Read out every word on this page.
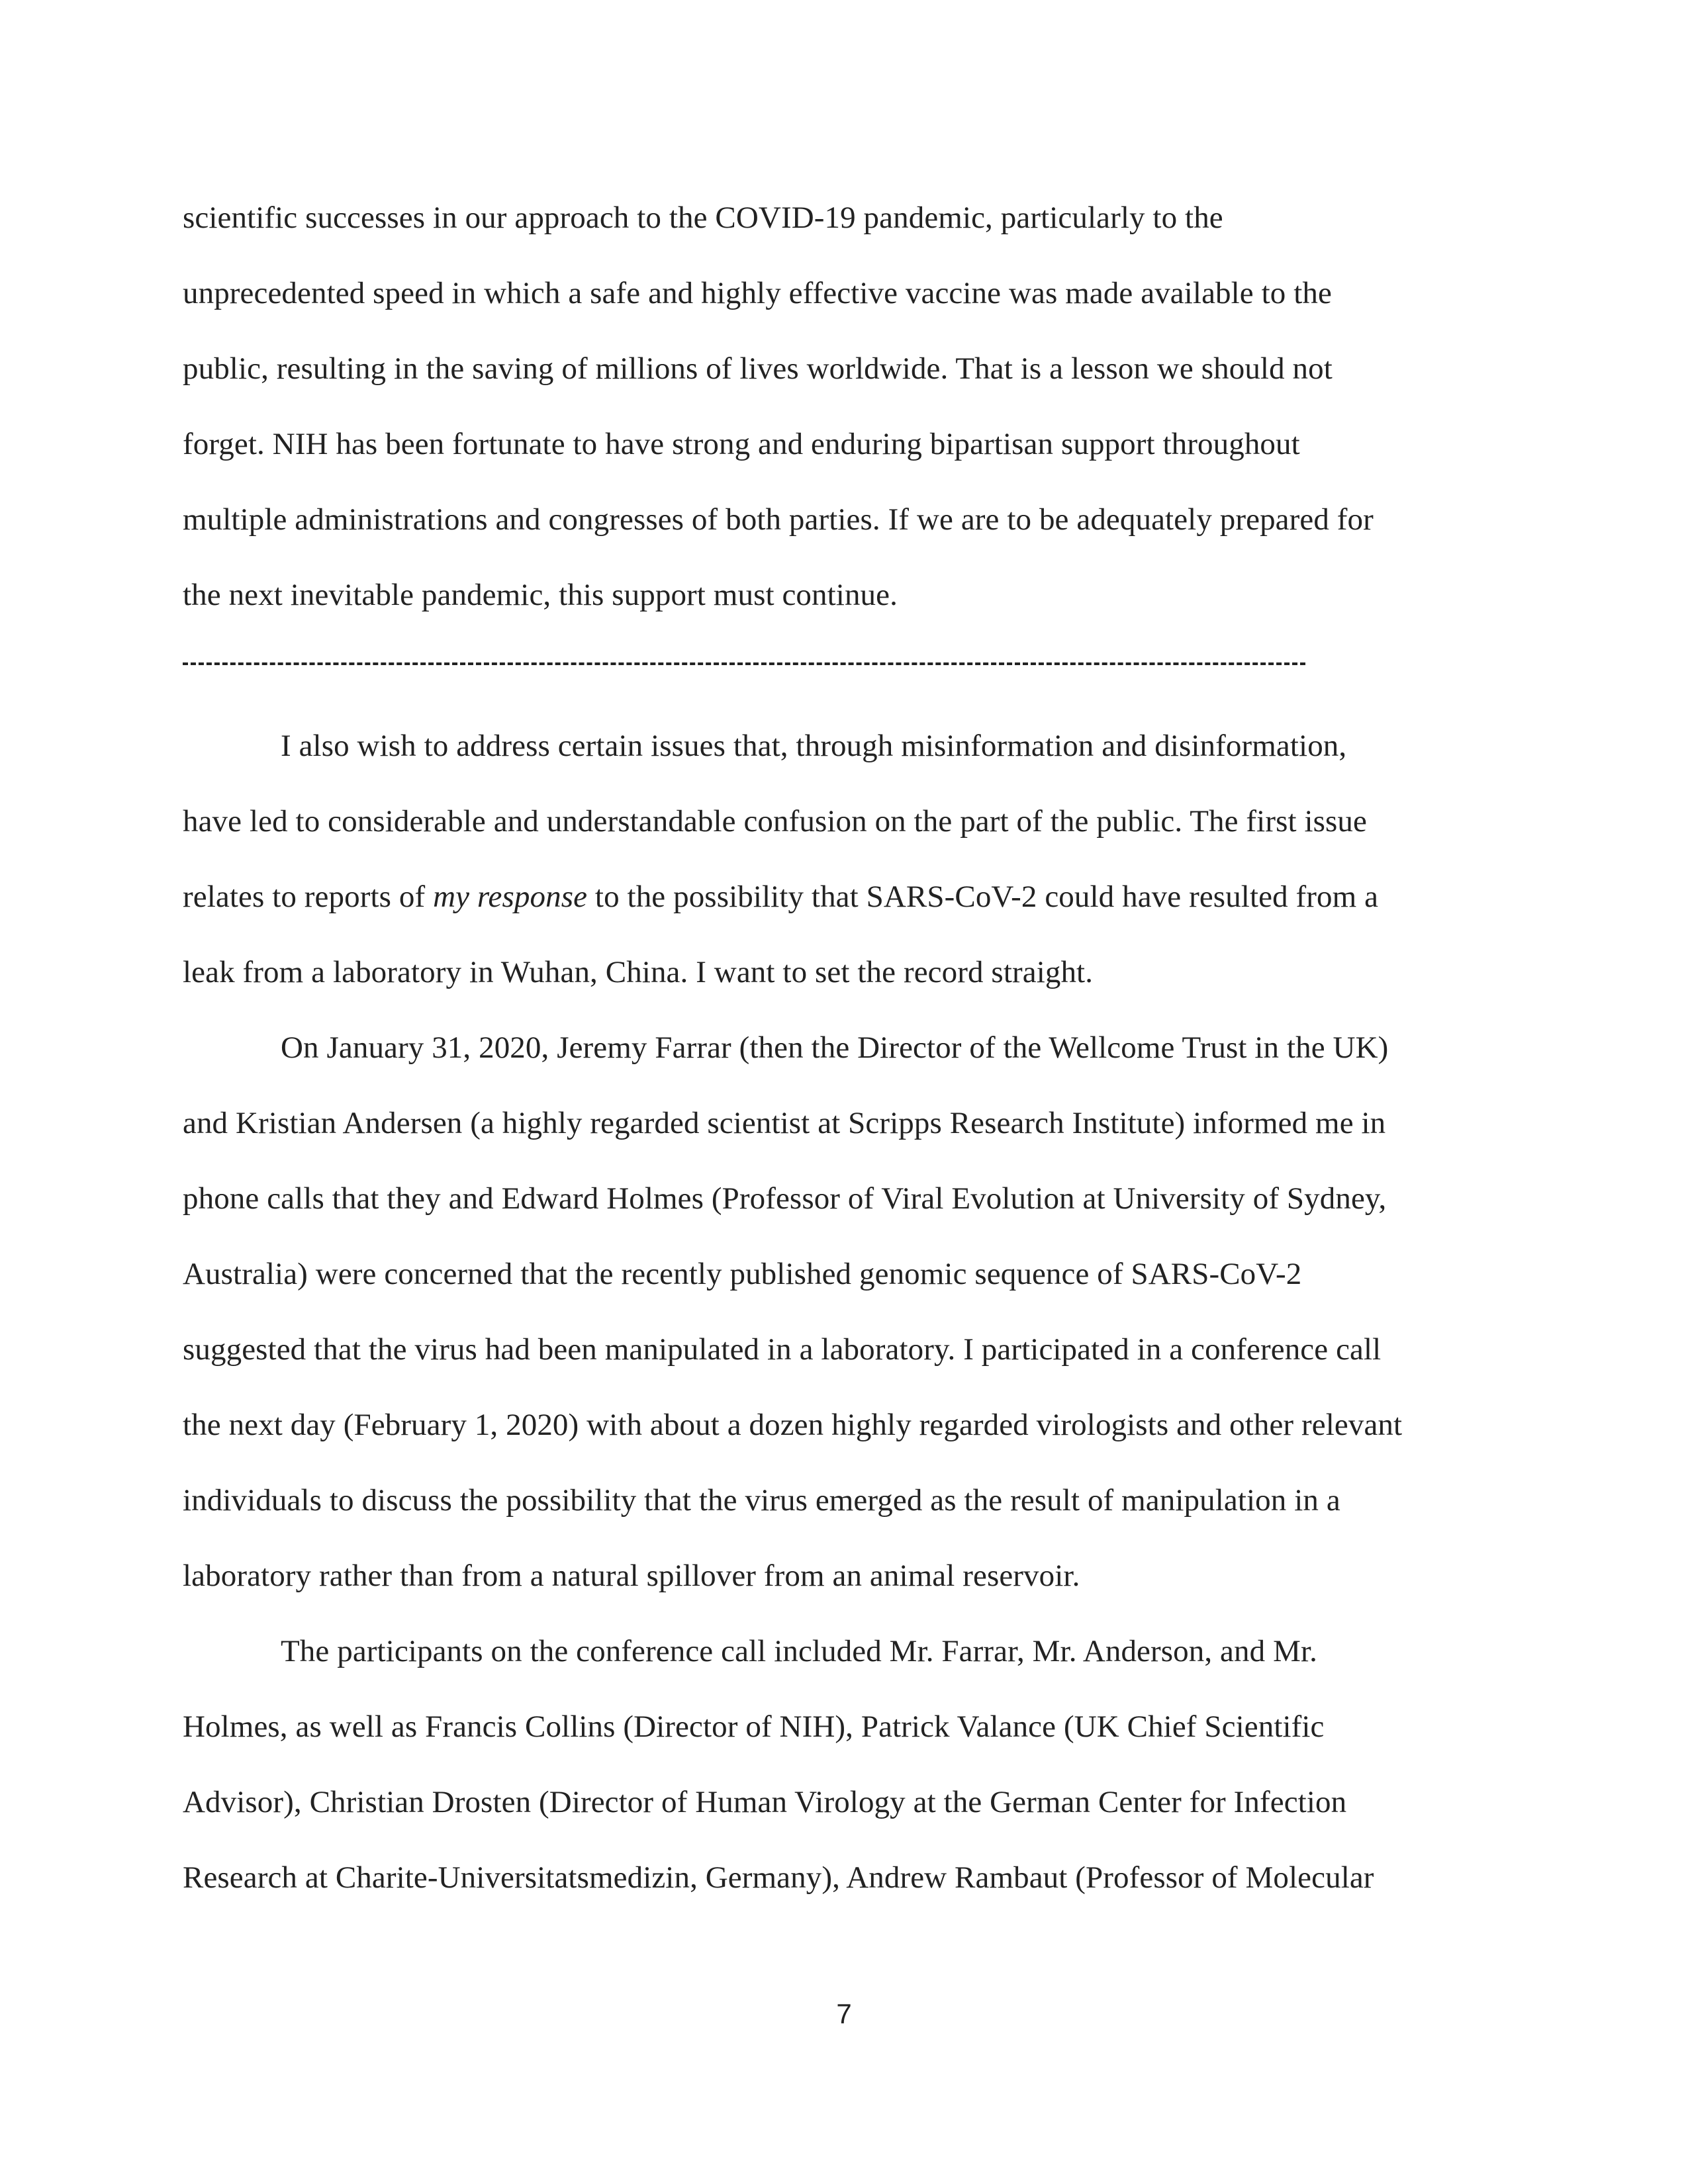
scientific successes in our approach to the COVID-19 pandemic, particularly to the
unprecedented speed in which a safe and highly effective vaccine was made available to the
public, resulting in the saving of millions of lives worldwide. That is a lesson we should not
forget. NIH has been fortunate to have strong and enduring bipartisan support throughout
multiple administrations and congresses of both parties. If we are to be adequately prepared for
the next inevitable pandemic, this support must continue.
I also wish to address certain issues that, through misinformation and disinformation,
have led to considerable and understandable confusion on the part of the public. The first issue
relates to reports of my response to the possibility that SARS-CoV-2 could have resulted from a
leak from a laboratory in Wuhan, China. I want to set the record straight.
On January 31, 2020, Jeremy Farrar (then the Director of the Wellcome Trust in the UK)
and Kristian Andersen (a highly regarded scientist at Scripps Research Institute) informed me in
phone calls that they and Edward Holmes (Professor of Viral Evolution at University of Sydney,
Australia) were concerned that the recently published genomic sequence of SARS-CoV-2
suggested that the virus had been manipulated in a laboratory. I participated in a conference call
the next day (February 1, 2020) with about a dozen highly regarded virologists and other relevant
individuals to discuss the possibility that the virus emerged as the result of manipulation in a
laboratory rather than from a natural spillover from an animal reservoir.
The participants on the conference call included Mr. Farrar, Mr. Anderson, and Mr.
Holmes, as well as Francis Collins (Director of NIH), Patrick Valance (UK Chief Scientific
Advisor), Christian Drosten (Director of Human Virology at the German Center for Infection
Research at Charite-Universitatsmedizin, Germany), Andrew Rambaut (Professor of Molecular
7
